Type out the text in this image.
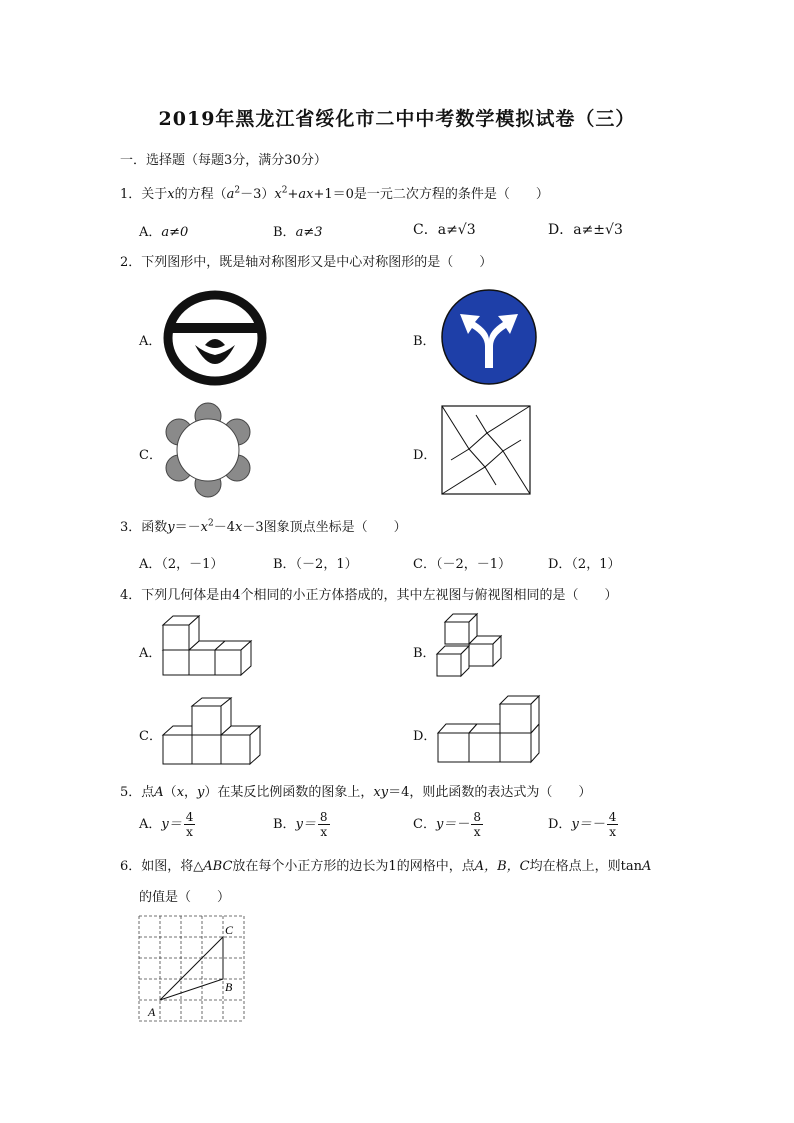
2019年黑龙江省绥化市二中中考数学模拟试卷（三）
一．选择题（每题3分，满分30分）
1．关于x的方程$(a^2-3)x^2+ax+1=0$是一元二次方程的条件是（　　）
A．a≠0	B．a≠3	C．a≠√3	D．a≠±√3
2．下列图形中，既是轴对称图形又是中心对称图形的是（　　）
A．	B．
C．	D．
3．函数$y=-x^2-4x-3$图象顶点坐标是（　　）
A．（2，－1）	B．（－2，1）	C．（－2，－1）	D．（2，1）
4．下列几何体是由4个相同的小正方体搭成的，其中左视图与俯视图相同的是（　　）
A．	B．
C．	D．
5．点A（x，y）在某反比例函数的图象上，xy＝4，则此函数的表达式为（　　）
A．$y= \frac{4}{x}$	B．$y= \frac{8}{x}$	C．$y=- \frac{8}{x}$	D．$y=- \frac{4}{x}$
6．如图，将△ABC放在每个小正方形的边长为1的网格中，点A，B，C均在格点上，则tanA
的值是（　　）
A
B
C
